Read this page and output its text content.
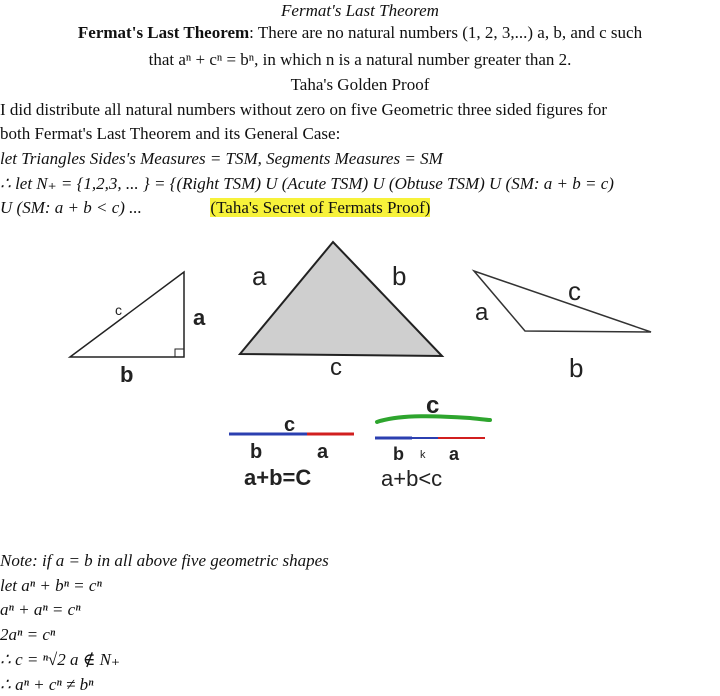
Fermat's Last Theorem
Fermat's Last Theorem: There are no natural numbers (1, 2, 3,...) a, b, and c such
that aⁿ + cⁿ = bⁿ, in which n is a natural number greater than 2.
Taha's Golden Proof
I did distribute all natural numbers without zero on five Geometric three sided figures for
both Fermat's Last Theorem and its General Case:
let Triangles Sides's Measures = TSM, Segments Measures = SM
∴ let N₊ = {1,2,3, ... } = {(Right TSM) U (Acute TSM) U (Obtuse TSM) U (SM: a + b = c)
U (SM: a + b < c) ...	(Taha's Secret of Fermats Proof)
c	a
b
a	b
c
a
c
b
c
b	a
a+b=C
c
b k a
a+b<c
Note: if a = b in all above five geometric shapes
let aⁿ + bⁿ = cⁿ
aⁿ + aⁿ = cⁿ
2aⁿ = cⁿ
∴ c = ⁿ√2 a ∉ N₊
∴ aⁿ + cⁿ ≠ bⁿ
